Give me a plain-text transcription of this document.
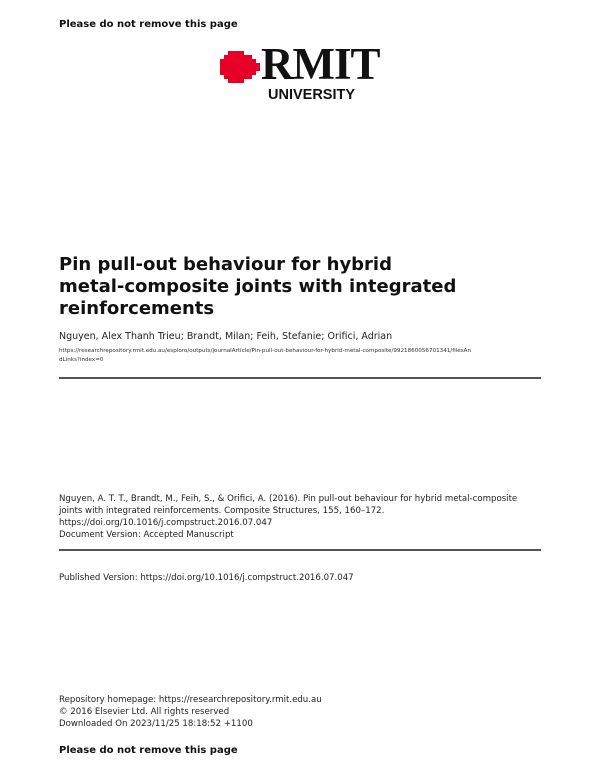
Please do not remove this page
RMIT
UNIVERSITY
Pin pull-out behaviour for hybrid
metal-composite joints with integrated
reinforcements
Nguyen, Alex Thanh Trieu; Brandt, Milan; Feih, Stefanie; Orifici, Adrian
https://researchrepository.rmit.edu.au/esploro/outputs/journalArticle/Pin-pull-out-behaviour-for-hybrid-metal-composite/9921860056701341/filesAn
dLinks?index=0
Nguyen, A. T. T., Brandt, M., Feih, S., & Orifici, A. (2016). Pin pull-out behaviour for hybrid metal-composite
joints with integrated reinforcements. Composite Structures, 155, 160–172.
https://doi.org/10.1016/j.compstruct.2016.07.047
Document Version: Accepted Manuscript
Published Version: https://doi.org/10.1016/j.compstruct.2016.07.047
Repository homepage: https://researchrepository.rmit.edu.au
© 2016 Elsevier Ltd. All rights reserved
Downloaded On 2023/11/25 18:18:52 +1100
Please do not remove this page
